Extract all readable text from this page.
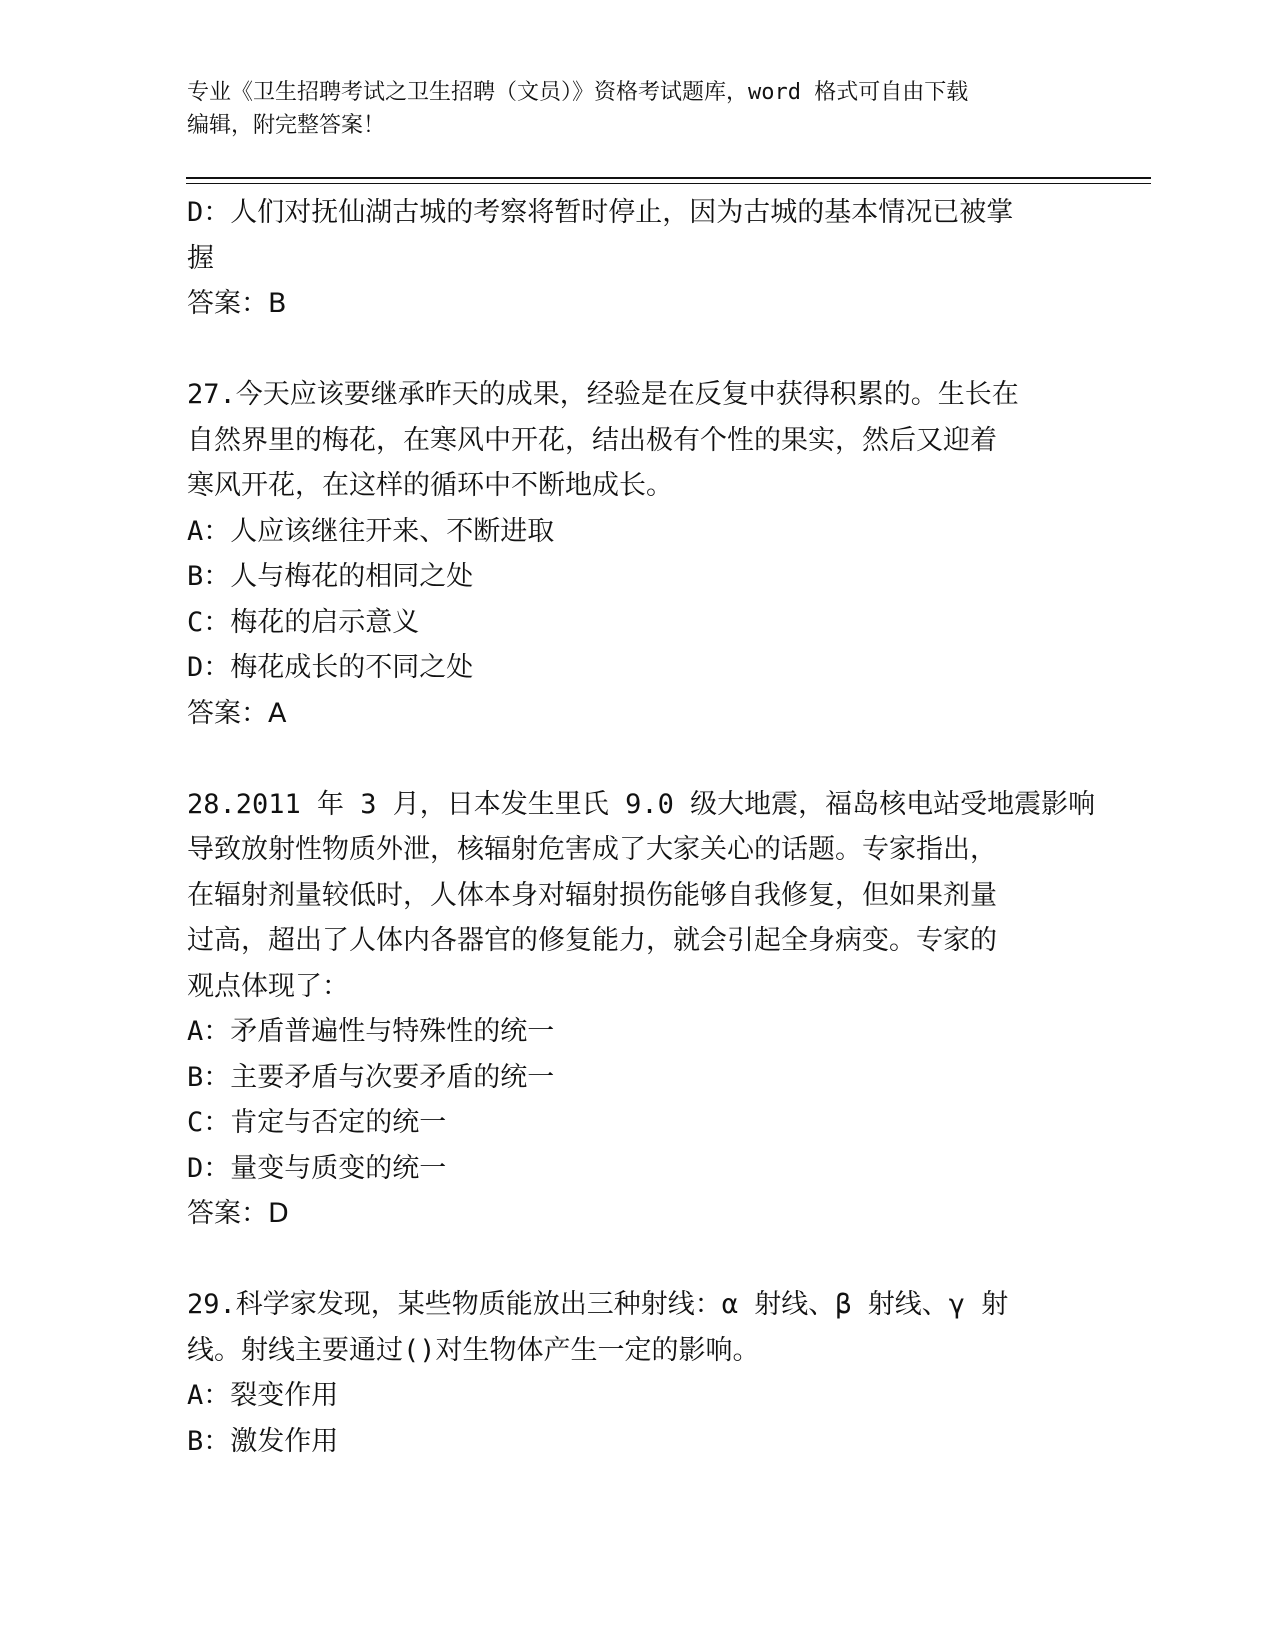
专业《卫生招聘考试之卫生招聘（文员）》资格考试题库，word 格式可自由下载
编辑，附完整答案！
D：人们对抚仙湖古城的考察将暂时停止，因为古城的基本情况已被掌
握
答案：B
27.今天应该要继承昨天的成果，经验是在反复中获得积累的。生长在
自然界里的梅花，在寒风中开花，结出极有个性的果实，然后又迎着
寒风开花，在这样的循环中不断地成长。
A：人应该继往开来、不断进取
B：人与梅花的相同之处
C：梅花的启示意义
D：梅花成长的不同之处
答案：A
28.2011 年 3 月，日本发生里氏 9.0 级大地震，福岛核电站受地震影响
导致放射性物质外泄，核辐射危害成了大家关心的话题。专家指出，
在辐射剂量较低时，人体本身对辐射损伤能够自我修复，但如果剂量
过高，超出了人体内各器官的修复能力，就会引起全身病变。专家的
观点体现了：
A：矛盾普遍性与特殊性的统一
B：主要矛盾与次要矛盾的统一
C：肯定与否定的统一
D：量变与质变的统一
答案：D
29.科学家发现，某些物质能放出三种射线：α 射线、β 射线、γ 射
线。射线主要通过()对生物体产生一定的影响。
A：裂变作用
B：激发作用
